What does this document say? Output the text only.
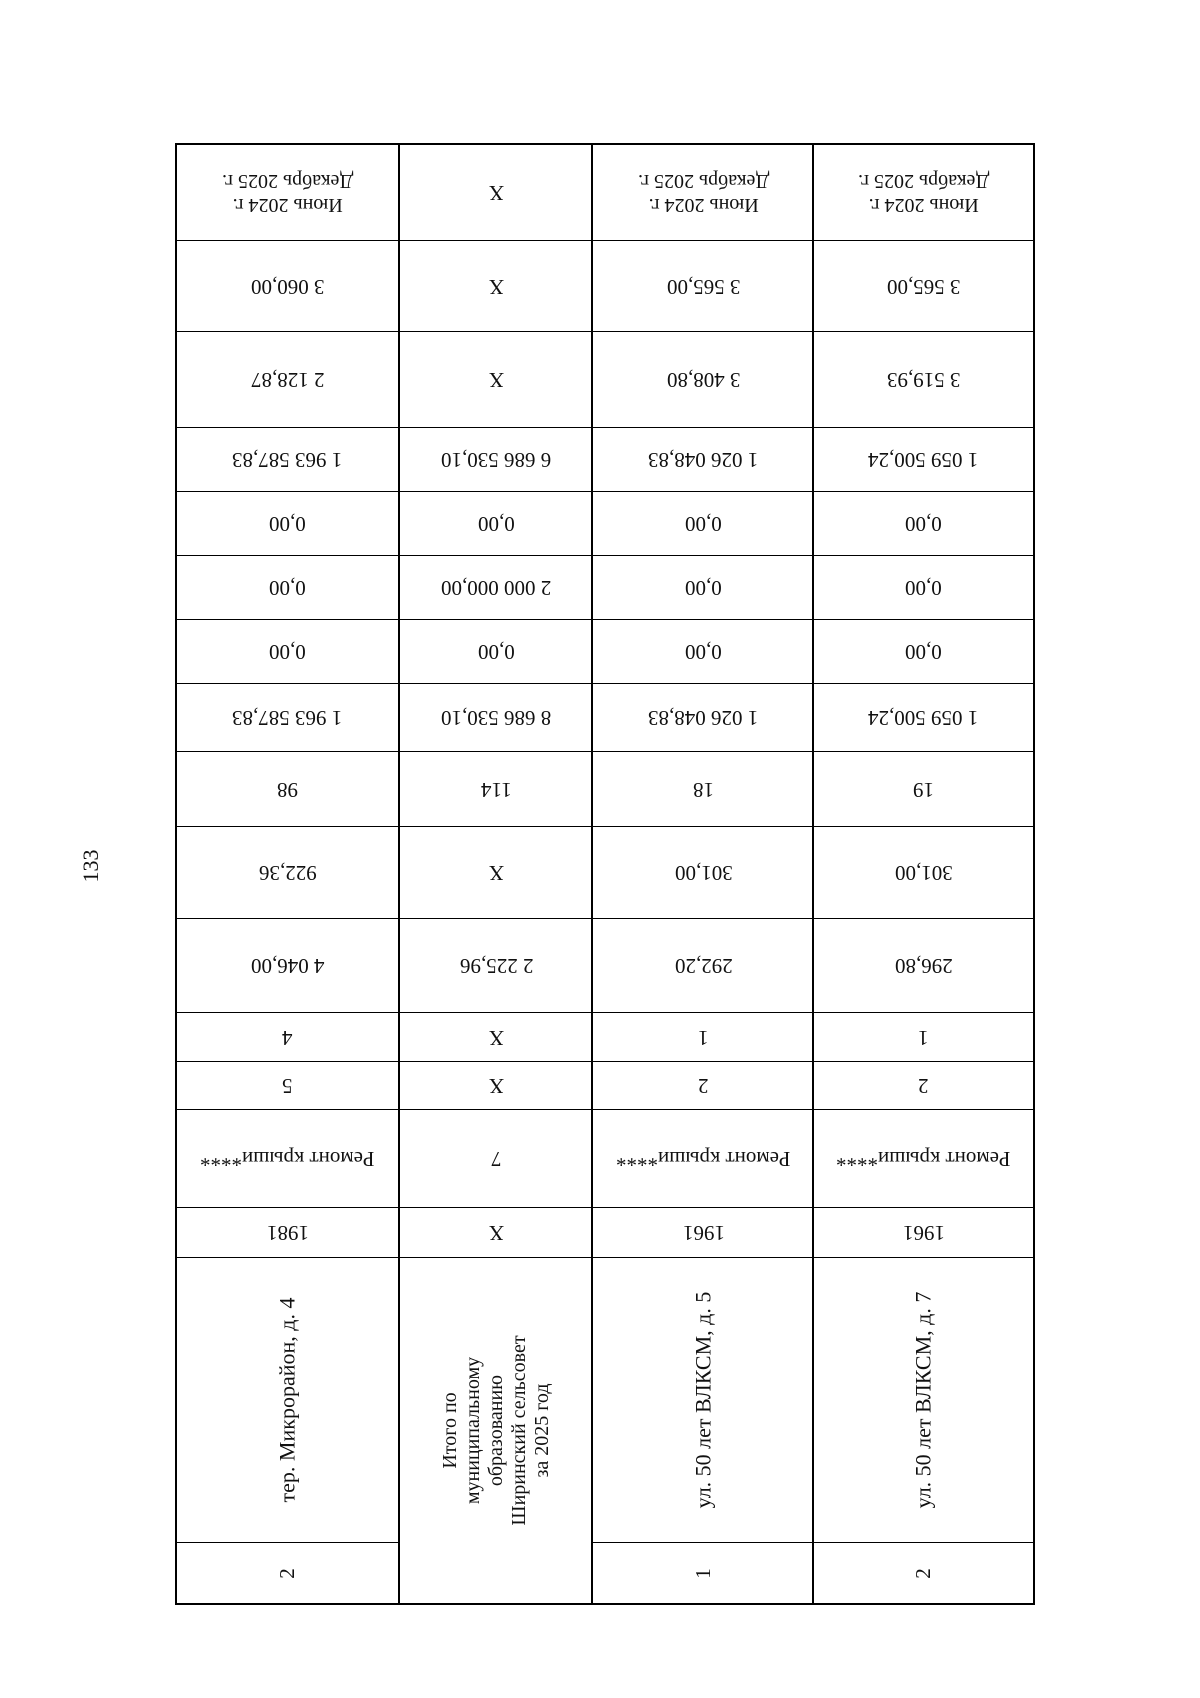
133
Июнь 2024 г.
Декабрь 2025 г.
3 060,00
2 128,87
1 963 587,83
0,00
0,00
0,00
1 963 587,83
98
922,36
4 046,00
4
5
Ремонт крыши****
1981
тер. Микрорайон, д. 4
2
Х
Х
Х
6 686 530,10
0,00
2 000 000,00
0,00
8 686 530,10
114
Х
2 225,96
Х
Х
7
Х
Итого по муниципальному образованию Ширинский сельсовет за 2025 год
Июнь 2024 г.
Декабрь 2025 г.
3 565,00
3 408,80
1 026 048,83
0,00
0,00
0,00
1 026 048,83
18
301,00
292,20
1
2
Ремонт крыши****
1961
ул. 50 лет ВЛКСМ, д. 5
1
Июнь 2024 г.
Декабрь 2025 г.
3 565,00
3 519,93
1 059 500,24
0,00
0,00
0,00
1 059 500,24
19
301,00
296,80
1
2
Ремонт крыши****
1961
ул. 50 лет ВЛКСМ, д. 7
2
